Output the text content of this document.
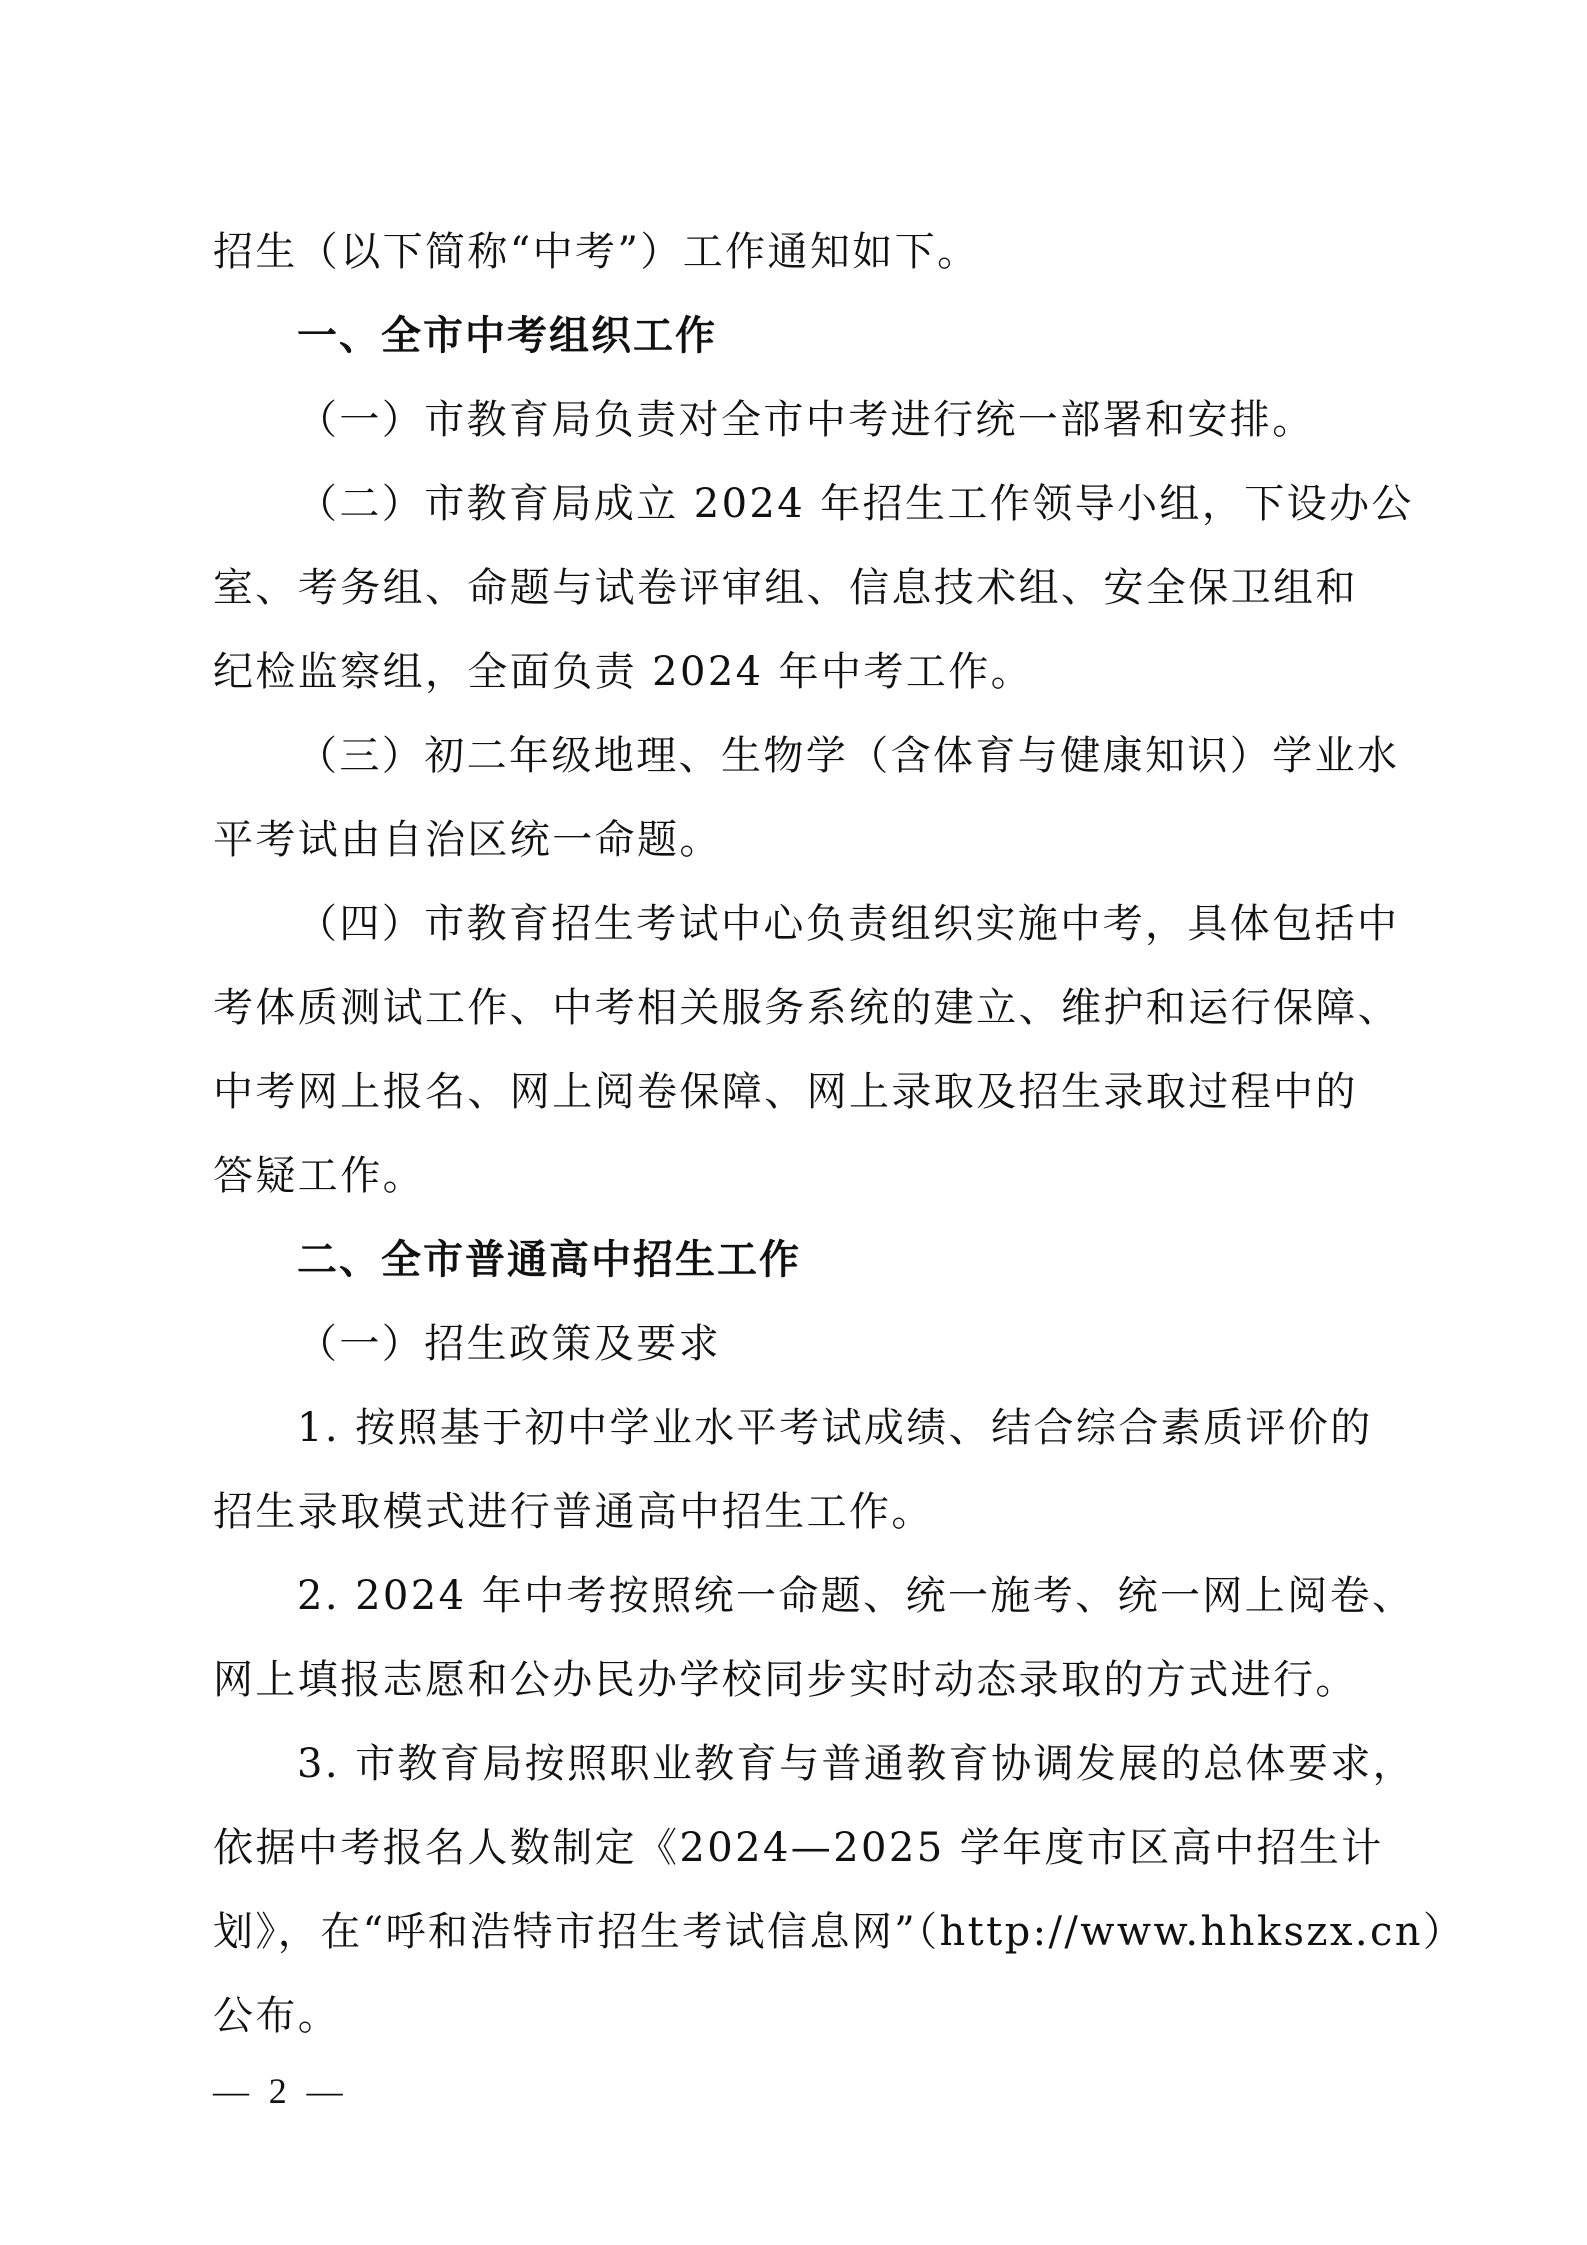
招生（以下简称“中考”）工作通知如下。
一、全市中考组织工作
（一）市教育局负责对全市中考进行统一部署和安排。
（二）市教育局成立 2024 年招生工作领导小组，下设办公
室、考务组、命题与试卷评审组、信息技术组、安全保卫组和
纪检监察组，全面负责 2024 年中考工作。
（三）初二年级地理、生物学（含体育与健康知识）学业水
平考试由自治区统一命题。
（四）市教育招生考试中心负责组织实施中考，具体包括中
考体质测试工作、中考相关服务系统的建立、维护和运行保障、
中考网上报名、网上阅卷保障、网上录取及招生录取过程中的
答疑工作。
二、全市普通高中招生工作
（一）招生政策及要求
1. 按照基于初中学业水平考试成绩、结合综合素质评价的
招生录取模式进行普通高中招生工作。
2. 2024 年中考按照统一命题、统一施考、统一网上阅卷、
网上填报志愿和公办民办学校同步实时动态录取的方式进行。
3. 市教育局按照职业教育与普通教育协调发展的总体要求，
依据中考报名人数制定《2024—2025 学年度市区高中招生计
划》，在“呼和浩特市招生考试信息网”（http://www.hhkszx.cn）
公布。
— 2 —
